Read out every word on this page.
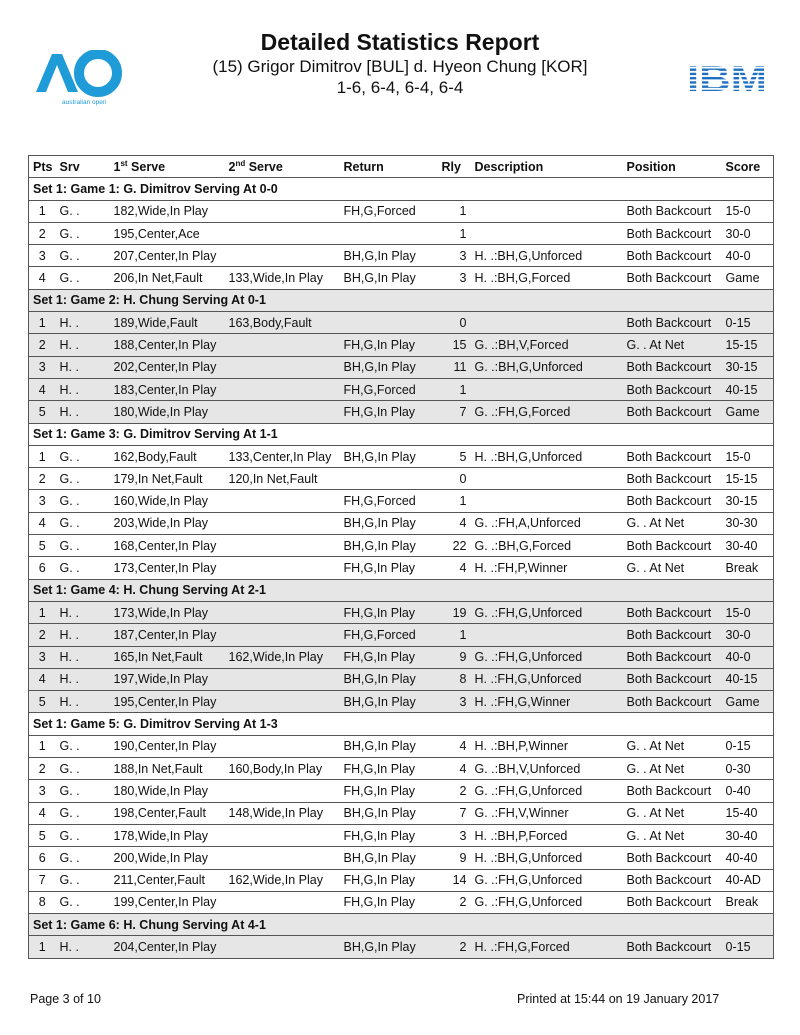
australian open
Detailed Statistics Report
(15) Grigor Dimitrov [BUL] d. Hyeon Chung [KOR]
1-6, 6-4, 6-4, 6-4	IBM
Pts	Srv	1st Serve	2nd Serve	Return	Rly	Description	Position	Score
Set 1: Game 1: G. Dimitrov Serving At 0-0								
1	G. .	182,Wide,In Play		FH,G,Forced	1		Both Backcourt	15-0
2	G. .	195,Center,Ace			1		Both Backcourt	30-0
3	G. .	207,Center,In Play		BH,G,In Play	3	H. .:BH,G,Unforced	Both Backcourt	40-0
4	G. .	206,In Net,Fault	133,Wide,In Play	BH,G,In Play	3	H. .:BH,G,Forced	Both Backcourt	Game
Set 1: Game 2: H. Chung Serving At 0-1								
1	H. .	189,Wide,Fault	163,Body,Fault		0		Both Backcourt	0-15
2	H. .	188,Center,In Play		FH,G,In Play	15	G. .:BH,V,Forced	G. . At Net	15-15
3	H. .	202,Center,In Play		BH,G,In Play	11	G. .:BH,G,Unforced	Both Backcourt	30-15
4	H. .	183,Center,In Play		FH,G,Forced	1		Both Backcourt	40-15
5	H. .	180,Wide,In Play		FH,G,In Play	7	G. .:FH,G,Forced	Both Backcourt	Game
Set 1: Game 3: G. Dimitrov Serving At 1-1								
1	G. .	162,Body,Fault	133,Center,In Play	BH,G,In Play	5	H. .:BH,G,Unforced	Both Backcourt	15-0
2	G. .	179,In Net,Fault	120,In Net,Fault		0		Both Backcourt	15-15
3	G. .	160,Wide,In Play		FH,G,Forced	1		Both Backcourt	30-15
4	G. .	203,Wide,In Play		BH,G,In Play	4	G. .:FH,A,Unforced	G. . At Net	30-30
5	G. .	168,Center,In Play		BH,G,In Play	22	G. .:BH,G,Forced	Both Backcourt	30-40
6	G. .	173,Center,In Play		FH,G,In Play	4	H. .:FH,P,Winner	G. . At Net	Break
Set 1: Game 4: H. Chung Serving At 2-1								
1	H. .	173,Wide,In Play		FH,G,In Play	19	G. .:FH,G,Unforced	Both Backcourt	15-0
2	H. .	187,Center,In Play		FH,G,Forced	1		Both Backcourt	30-0
3	H. .	165,In Net,Fault	162,Wide,In Play	FH,G,In Play	9	G. .:FH,G,Unforced	Both Backcourt	40-0
4	H. .	197,Wide,In Play		BH,G,In Play	8	H. .:FH,G,Unforced	Both Backcourt	40-15
5	H. .	195,Center,In Play		BH,G,In Play	3	H. .:FH,G,Winner	Both Backcourt	Game
Set 1: Game 5: G. Dimitrov Serving At 1-3								
1	G. .	190,Center,In Play		BH,G,In Play	4	H. .:BH,P,Winner	G. . At Net	0-15
2	G. .	188,In Net,Fault	160,Body,In Play	FH,G,In Play	4	G. .:BH,V,Unforced	G. . At Net	0-30
3	G. .	180,Wide,In Play		FH,G,In Play	2	G. .:FH,G,Unforced	Both Backcourt	0-40
4	G. .	198,Center,Fault	148,Wide,In Play	BH,G,In Play	7	G. .:FH,V,Winner	G. . At Net	15-40
5	G. .	178,Wide,In Play		FH,G,In Play	3	H. .:BH,P,Forced	G. . At Net	30-40
6	G. .	200,Wide,In Play		BH,G,In Play	9	H. .:BH,G,Unforced	Both Backcourt	40-40
7	G. .	211,Center,Fault	162,Wide,In Play	FH,G,In Play	14	G. .:FH,G,Unforced	Both Backcourt	40-AD
8	G. .	199,Center,In Play		FH,G,In Play	2	G. .:FH,G,Unforced	Both Backcourt	Break
Set 1: Game 6: H. Chung Serving At 4-1								
1	H. .	204,Center,In Play		BH,G,In Play	2	H. .:FH,G,Forced	Both Backcourt	0-15
Page 3 of 10	Printed at 15:44 on 19 January 2017
